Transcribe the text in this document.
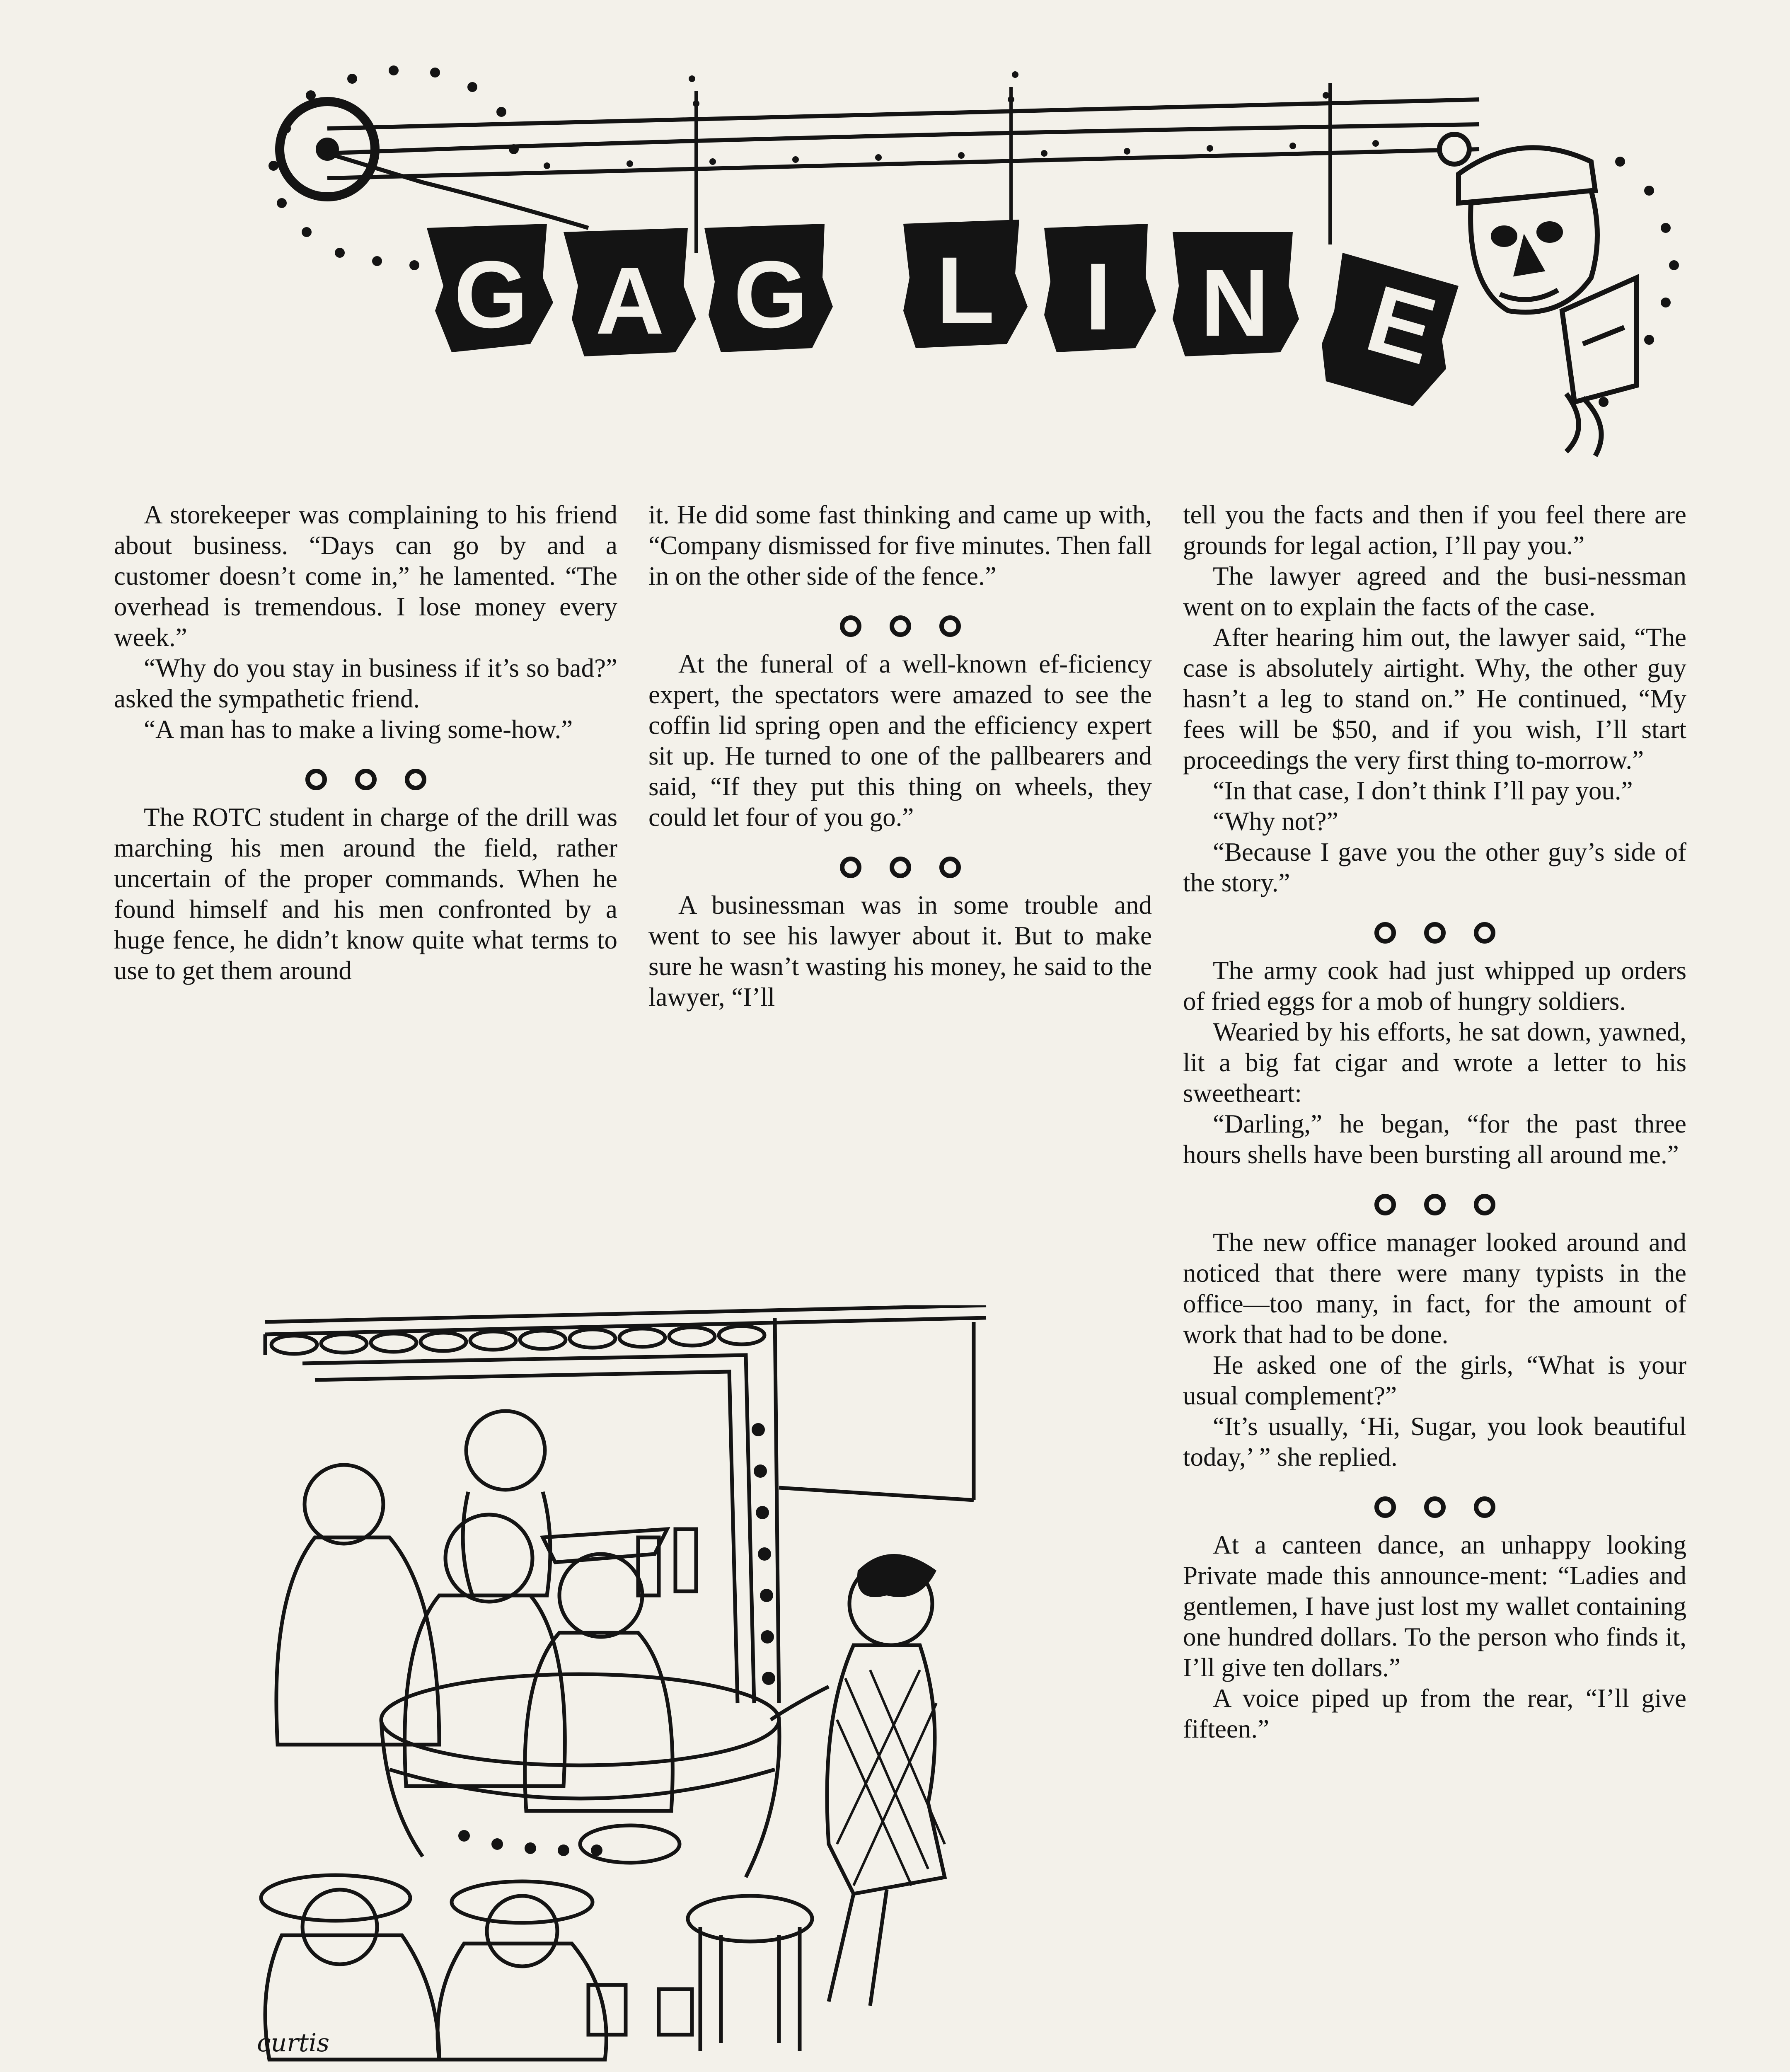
G A G L I N E

A storekeeper was complaining to his friend about business. “Days can go by and a customer doesn’t come in,” he lamented. “The overhead is tremendous. I lose money every week.”

“Why do you stay in business if it’s so bad?” asked the sympathetic friend.

“A man has to make a living some-how.”

The ROTC student in charge of the drill was marching his men around the field, rather uncertain of the proper commands. When he found himself and his men confronted by a huge fence, he didn’t know quite what terms to use to get them around

it. He did some fast thinking and came up with, “Company dismissed for five minutes. Then fall in on the other side of the fence.”

At the funeral of a well-known ef-ficiency expert, the spectators were amazed to see the coffin lid spring open and the efficiency expert sit up. He turned to one of the pallbearers and said, “If they put this thing on wheels, they could let four of you go.”

A businessman was in some trouble and went to see his lawyer about it. But to make sure he wasn’t wasting his money, he said to the lawyer, “I’ll

tell you the facts and then if you feel there are grounds for legal action, I’ll pay you.”

The lawyer agreed and the busi-nessman went on to explain the facts of the case.

After hearing him out, the lawyer said, “The case is absolutely airtight. Why, the other guy hasn’t a leg to stand on.” He continued, “My fees will be $50, and if you wish, I’ll start proceedings the very first thing to-morrow.”

“In that case, I don’t think I’ll pay you.”

“Why not?”

“Because I gave you the other guy’s side of the story.”

The army cook had just whipped up orders of fried eggs for a mob of hungry soldiers.

Wearied by his efforts, he sat down, yawned, lit a big fat cigar and wrote a letter to his sweetheart:

“Darling,” he began, “for the past three hours shells have been bursting all around me.”

The new office manager looked around and noticed that there were many typists in the office—too many, in fact, for the amount of work that had to be done.

He asked one of the girls, “What is your usual complement?”

“It’s usually, ‘Hi, Sugar, you look beautiful today,’ ” she replied.

At a canteen dance, an unhappy looking Private made this announce-ment: “Ladies and gentlemen, I have just lost my wallet containing one hundred dollars. To the person who finds it, I’ll give ten dollars.”

A voice piped up from the rear, “I’ll give fifteen.”

curtis
